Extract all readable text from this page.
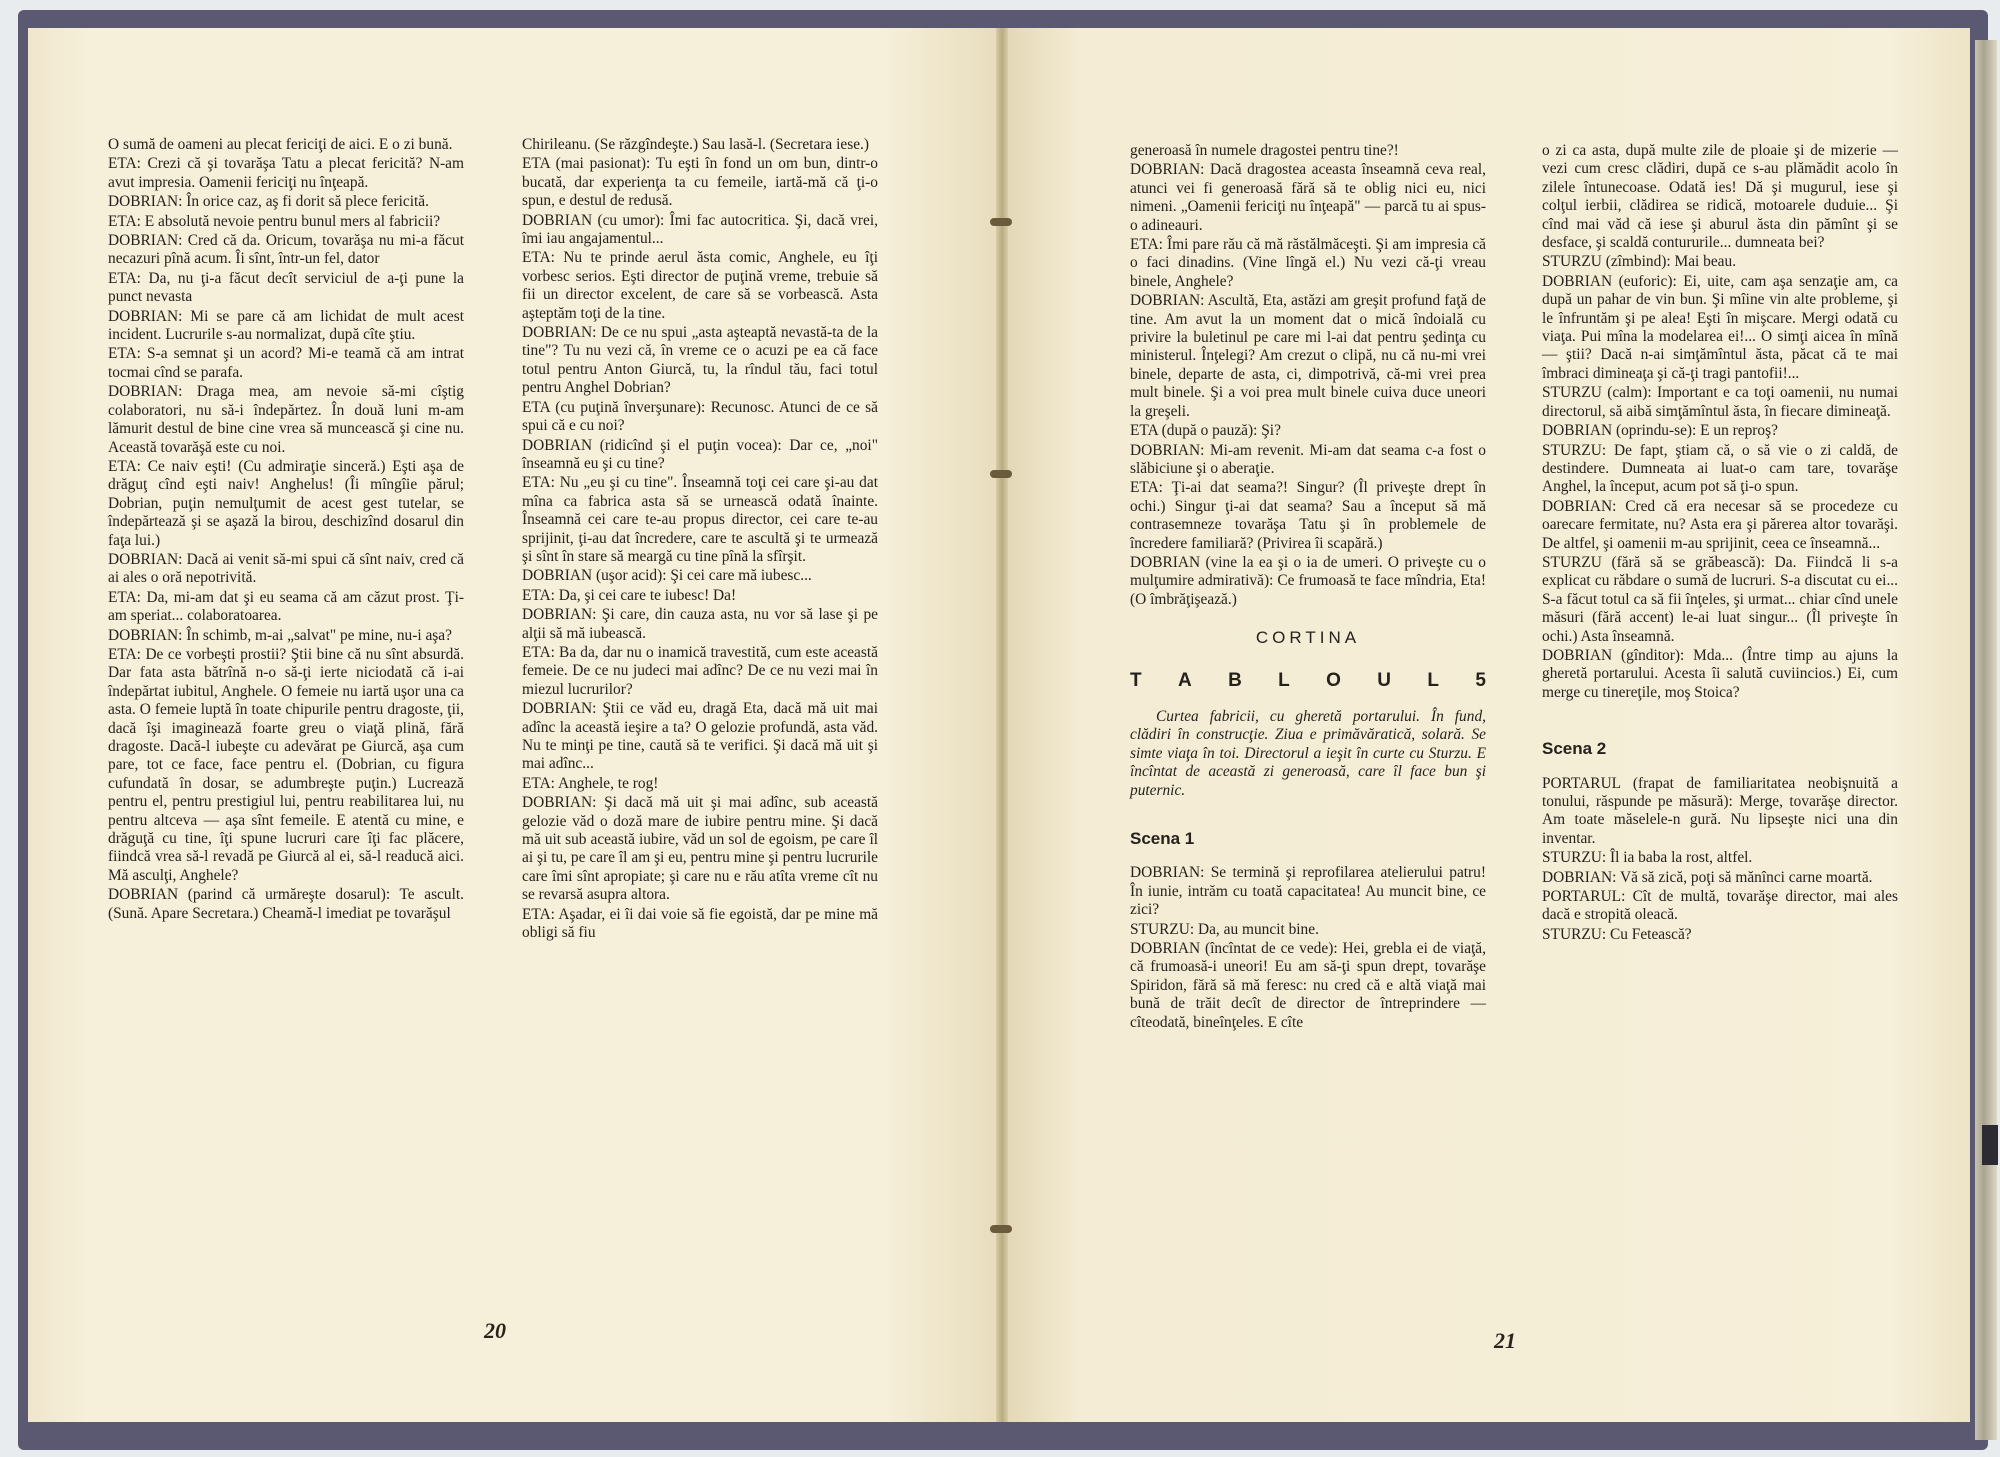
O sumă de oameni au plecat fericiţi de aici. E o zi bună.

ETA: Crezi că şi tovarăşa Tatu a plecat fericită? N-am avut impresia. Oamenii fericiţi nu înţeapă.

DOBRIAN: În orice caz, aş fi dorit să plece fericită.

ETA: E absolută nevoie pentru bunul mers al fabricii?

DOBRIAN: Cred că da. Oricum, tovarăşa nu mi-a făcut necazuri pînă acum. Îi sînt, într-un fel, dator

ETA: Da, nu ţi-a făcut decît serviciul de a-ţi pune la punct nevasta

DOBRIAN: Mi se pare că am lichidat de mult acest incident. Lucrurile s-au normalizat, după cîte ştiu.

ETA: S-a semnat şi un acord? Mi-e teamă că am intrat tocmai cînd se parafa.

DOBRIAN: Draga mea, am nevoie să-mi cîştig colaboratori, nu să-i îndepărtez. În două luni m-am lămurit destul de bine cine vrea să muncească şi cine nu. Această tovarăşă este cu noi.

ETA: Ce naiv eşti! (Cu admiraţie sinceră.) Eşti aşa de drăguţ cînd eşti naiv! Anghelus! (Îi mîngîie părul; Dobrian, puţin nemulţumit de acest gest tutelar, se îndepărtează şi se aşază la birou, deschizînd dosarul din faţa lui.)

DOBRIAN: Dacă ai venit să-mi spui că sînt naiv, cred că ai ales o oră nepotrivită.

ETA: Da, mi-am dat şi eu seama că am căzut prost. Ţi-am speriat... colaboratoarea.

DOBRIAN: În schimb, m-ai „salvat" pe mine, nu-i aşa?

ETA: De ce vorbeşti prostii? Ştii bine că nu sînt absurdă. Dar fata asta bătrînă n-o să-ţi ierte niciodată că i-ai îndepărtat iubitul, Anghele. O femeie nu iartă uşor una ca asta. O femeie luptă în toate chipurile pentru dragoste, ţii, dacă îşi imaginează foarte greu o viaţă plină, fără dragoste. Dacă-l iubeşte cu adevărat pe Giurcă, aşa cum pare, tot ce face, face pentru el. (Dobrian, cu figura cufundată în dosar, se adumbreşte puţin.) Lucrează pentru el, pentru prestigiul lui, pentru reabilitarea lui, nu pentru altceva — aşa sînt femeile. E atentă cu mine, e drăguţă cu tine, îţi spune lucruri care îţi fac plăcere, fiindcă vrea să-l revadă pe Giurcă al ei, să-l readucă aici. Mă asculţi, Anghele?

DOBRIAN (parind că urmăreşte dosarul): Te ascult. (Sună. Apare Secretara.) Cheamă-l imediat pe tovarăşul

Chirileanu. (Se răzgîndeşte.) Sau lasă-l. (Secretara iese.)

ETA (mai pasionat): Tu eşti în fond un om bun, dintr-o bucată, dar experienţa ta cu femeile, iartă-mă că ţi-o spun, e destul de redusă.

DOBRIAN (cu umor): Îmi fac autocritica. Şi, dacă vrei, îmi iau angajamentul...

ETA: Nu te prinde aerul ăsta comic, Anghele, eu îţi vorbesc serios. Eşti director de puţină vreme, trebuie să fii un director excelent, de care să se vorbească. Asta aşteptăm toţi de la tine.

DOBRIAN: De ce nu spui „asta aşteaptă nevastă-ta de la tine"? Tu nu vezi că, în vreme ce o acuzi pe ea că face totul pentru Anton Giurcă, tu, la rîndul tău, faci totul pentru Anghel Dobrian?

ETA (cu puţină înverşunare): Recunosc. Atunci de ce să spui că e cu noi?

DOBRIAN (ridicînd şi el puţin vocea): Dar ce, „noi" înseamnă eu şi cu tine?

ETA: Nu „eu şi cu tine". Înseamnă toţi cei care şi-au dat mîna ca fabrica asta să se urnească odată înainte. Înseamnă cei care te-au propus director, cei care te-au sprijinit, ţi-au dat încredere, care te ascultă şi te urmează şi sînt în stare să meargă cu tine pînă la sfîrşit.

DOBRIAN (uşor acid): Şi cei care mă iubesc...

ETA: Da, şi cei care te iubesc! Da!

DOBRIAN: Şi care, din cauza asta, nu vor să lase şi pe alţii să mă iubească.

ETA: Ba da, dar nu o inamică travestită, cum este această femeie. De ce nu judeci mai adînc? De ce nu vezi mai în miezul lucrurilor?

DOBRIAN: Ştii ce văd eu, dragă Eta, dacă mă uit mai adînc la această ieşire a ta? O gelozie profundă, asta văd. Nu te minţi pe tine, caută să te verifici. Şi dacă mă uit şi mai adînc...

ETA: Anghele, te rog!

DOBRIAN: Şi dacă mă uit şi mai adînc, sub această gelozie văd o doză mare de iubire pentru mine. Şi dacă mă uit sub această iubire, văd un sol de egoism, pe care îl ai şi tu, pe care îl am şi eu, pentru mine şi pentru lucrurile care îmi sînt apropiate; şi care nu e rău atîta vreme cît nu se revarsă asupra altora.

ETA: Aşadar, ei îi dai voie să fie egoistă, dar pe mine mă obligi să fiu

20

generoasă în numele dragostei pentru tine?!

DOBRIAN: Dacă dragostea aceasta înseamnă ceva real, atunci vei fi generoasă fără să te oblig nici eu, nici nimeni. „Oamenii fericiţi nu înţeapă" — parcă tu ai spus-o adineauri.

ETA: Îmi pare rău că mă răstălmăceşti. Şi am impresia că o faci dinadins. (Vine lîngă el.) Nu vezi că-ţi vreau binele, Anghele?

DOBRIAN: Ascultă, Eta, astăzi am greşit profund faţă de tine. Am avut la un moment dat o mică îndoială cu privire la buletinul pe care mi l-ai dat pentru şedinţa cu ministerul. Înţelegi? Am crezut o clipă, nu că nu-mi vrei binele, departe de asta, ci, dimpotrivă, că-mi vrei prea mult binele. Şi a voi prea mult binele cuiva duce uneori la greşeli.

ETA (după o pauză): Şi?

DOBRIAN: Mi-am revenit. Mi-am dat seama c-a fost o slăbiciune şi o aberaţie.

ETA: Ţi-ai dat seama?! Singur? (Îl priveşte drept în ochi.) Singur ţi-ai dat seama? Sau a început să mă contrasemneze tovarăşa Tatu şi în problemele de încredere familiară? (Privirea îi scapără.)

DOBRIAN (vine la ea şi o ia de umeri. O priveşte cu o mulţumire admirativă): Ce frumoasă te face mîndria, Eta! (O îmbrăţişează.)

CORTINA
T A B L O U L 5

Curtea fabricii, cu gheretă portarului. În fund, clădiri în construcţie. Ziua e primăvăratică, solară. Se simte viaţa în toi. Directorul a ieşit în curte cu Sturzu. E încîntat de această zi generoasă, care îl face bun şi puternic.

Scena 1

DOBRIAN: Se termină şi reprofilarea atelierului patru! În iunie, intrăm cu toată capacitatea! Au muncit bine, ce zici?

STURZU: Da, au muncit bine.

DOBRIAN (încîntat de ce vede): Hei, grebla ei de viaţă, că frumoasă-i uneori! Eu am să-ţi spun drept, tovarăşe Spiridon, fără să mă feresc: nu cred că e altă viaţă mai bună de trăit decît de director de întreprindere — cîteodată, bineînţeles. E cîte

o zi ca asta, după multe zile de ploaie şi de mizerie — vezi cum cresc clădiri, după ce s-au plămădit acolo în zilele întunecoase. Odată ies! Dă şi mugurul, iese şi colţul ierbii, clădirea se ridică, motoarele duduie... Şi cînd mai văd că iese şi aburul ăsta din pămînt şi se desface, şi scaldă contururile... dumneata bei?

STURZU (zîmbind): Mai beau.

DOBRIAN (euforic): Ei, uite, cam aşa senzaţie am, ca după un pahar de vin bun. Şi mîine vin alte probleme, şi le înfruntăm şi pe alea! Eşti în mişcare. Mergi odată cu viaţa. Pui mîna la modelarea ei!... O simţi aicea în mînă — ştii? Dacă n-ai simţămîntul ăsta, păcat că te mai îmbraci dimineaţa şi că-ţi tragi pantofii!...

STURZU (calm): Important e ca toţi oamenii, nu numai directorul, să aibă simţămîntul ăsta, în fiecare dimineaţă.

DOBRIAN (oprindu-se): E un reproş?

STURZU: De fapt, ştiam că, o să vie o zi caldă, de destindere. Dumneata ai luat-o cam tare, tovarăşe Anghel, la început, acum pot să ţi-o spun.

DOBRIAN: Cred că era necesar să se procedeze cu oarecare fermitate, nu? Asta era şi părerea altor tovarăşi. De altfel, şi oamenii m-au sprijinit, ceea ce înseamnă...

STURZU (fără să se grăbească): Da. Fiindcă li s-a explicat cu răbdare o sumă de lucruri. S-a discutat cu ei... S-a făcut totul ca să fii înţeles, şi urmat... chiar cînd unele măsuri (fără accent) le-ai luat singur... (Îl priveşte în ochi.) Asta înseamnă.

DOBRIAN (gînditor): Mda... (Între timp au ajuns la gheretă portarului. Acesta îi salută cuviincios.) Ei, cum merge cu tinereţile, moş Stoica?

Scena 2

PORTARUL (frapat de familiaritatea neobişnuită a tonului, răspunde pe măsură): Merge, tovarăşe director. Am toate măselele-n gură. Nu lipseşte nici una din inventar.

STURZU: Îl ia baba la rost, altfel.

DOBRIAN: Vă să zică, poţi să mănînci carne moartă.

PORTARUL: Cît de multă, tovarăşe director, mai ales dacă e stropită oleacă.

STURZU: Cu Fetească?

21
